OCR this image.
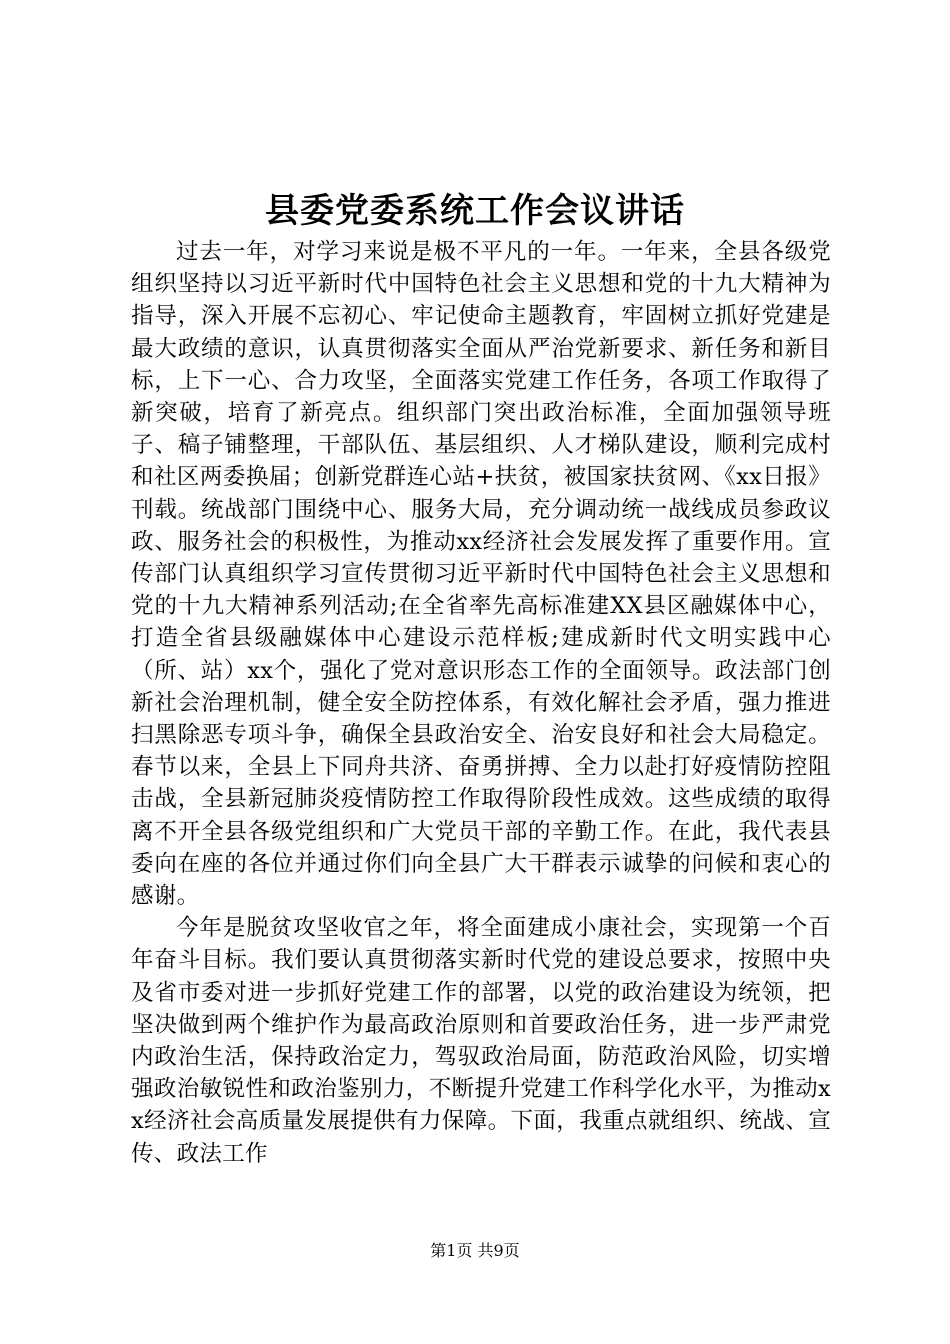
县委党委系统工作会议讲话

过去一年，对学习来说是极不平凡的一年。一年来，全县各级党组织坚持以习近平新时代中国特色社会主义思想和党的十九大精神为指导，深入开展不忘初心、牢记使命主题教育，牢固树立抓好党建是最大政绩的意识，认真贯彻落实全面从严治党新要求、新任务和新目标，上下一心、合力攻坚，全面落实党建工作任务，各项工作取得了新突破，培育了新亮点。组织部门突出政治标准，全面加强领导班子、稿子铺整理，干部队伍、基层组织、人才梯队建设，顺利完成村和社区两委换届；创新党群连心站+扶贫，被国家扶贫网、《xx日报》刊载。统战部门围绕中心、服务大局，充分调动统一战线成员参政议政、服务社会的积极性，为推动xx经济社会发展发挥了重要作用。宣传部门认真组织学习宣传贯彻习近平新时代中国特色社会主义思想和党的十九大精神系列活动;在全省率先高标准建XX县区融媒体中心，打造全省县级融媒体中心建设示范样板;建成新时代文明实践中心（所、站）xx个，强化了党对意识形态工作的全面领导。政法部门创新社会治理机制，健全安全防控体系，有效化解社会矛盾，强力推进扫黑除恶专项斗争，确保全县政治安全、治安良好和社会大局稳定。春节以来，全县上下同舟共济、奋勇拼搏、全力以赴打好疫情防控阻击战，全县新冠肺炎疫情防控工作取得阶段性成效。这些成绩的取得离不开全县各级党组织和广大党员干部的辛勤工作。在此，我代表县委向在座的各位并通过你们向全县广大干群表示诚挚的问候和衷心的感谢。

今年是脱贫攻坚收官之年，将全面建成小康社会，实现第一个百年奋斗目标。我们要认真贯彻落实新时代党的建设总要求，按照中央及省市委对进一步抓好党建工作的部署，以党的政治建设为统领，把坚决做到两个维护作为最高政治原则和首要政治任务，进一步严肃党内政治生活，保持政治定力，驾驭政治局面，防范政治风险，切实增强政治敏锐性和政治鉴别力，不断提升党建工作科学化水平，为推动xx经济社会高质量发展提供有力保障。下面，我重点就组织、统战、宣传、政法工作

第1页 共9页
